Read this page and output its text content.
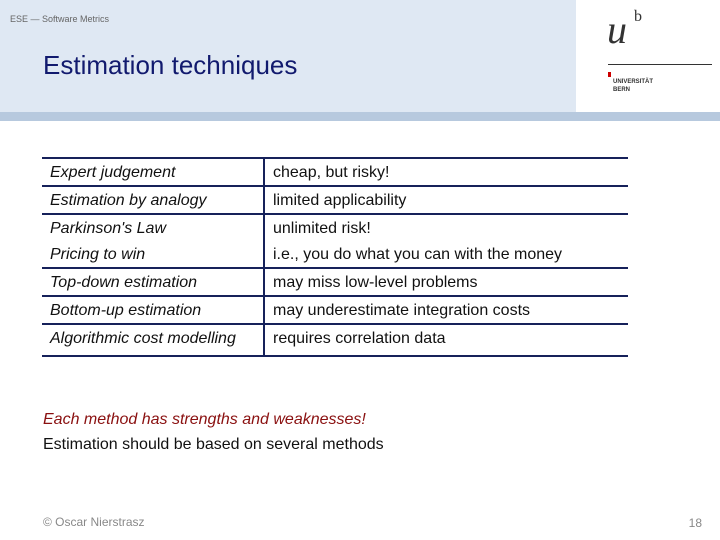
ESE — Software Metrics
Estimation techniques
u b
UNIVERSITÄT
BERN
Expert judgement	cheap, but risky!
Estimation by analogy	limited applicability
Parkinson's Law	unlimited risk!
Pricing to win	i.e., you do what you can with the money
Top-down estimation	may miss low-level problems
Bottom-up estimation	may underestimate integration costs
Algorithmic cost modelling	requires correlation data
Each method has strengths and weaknesses!
Estimation should be based on several methods
© Oscar Nierstrasz	18
